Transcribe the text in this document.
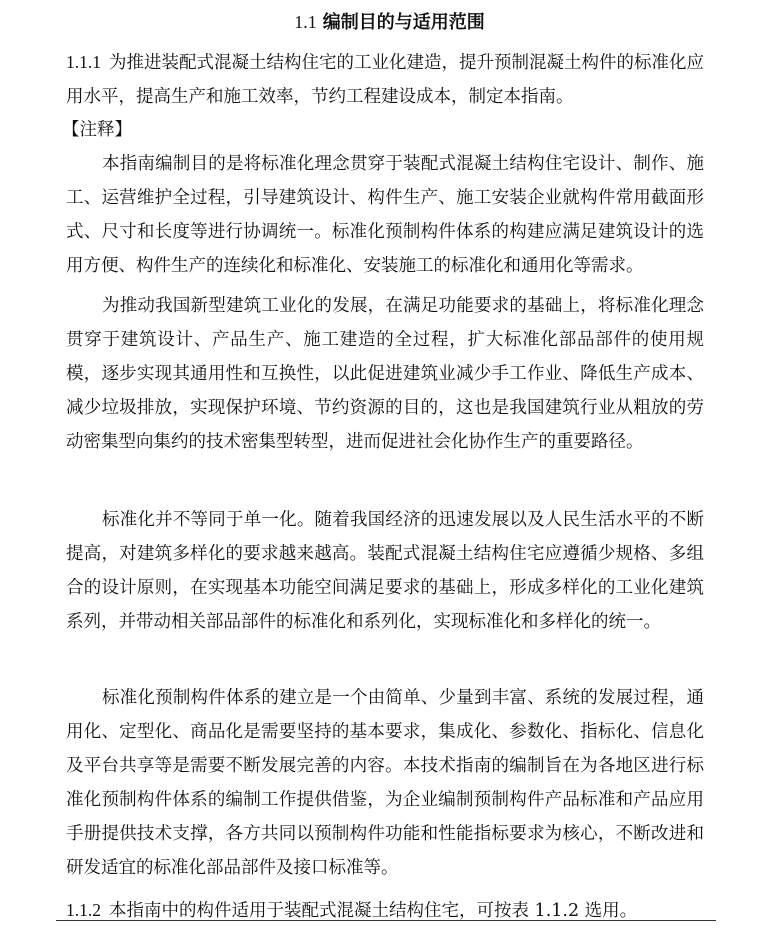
1.1 编制目的与适用范围
1.1.1 为推进装配式混凝土结构住宅的工业化建造，提升预制混凝土构件的标准化应用水平，提高生产和施工效率，节约工程建设成本，制定本指南。
【注释】
本指南编制目的是将标准化理念贯穿于装配式混凝土结构住宅设计、制作、施工、运营维护全过程，引导建筑设计、构件生产、施工安装企业就构件常用截面形式、尺寸和长度等进行协调统一。标准化预制构件体系的构建应满足建筑设计的选用方便、构件生产的连续化和标准化、安装施工的标准化和通用化等需求。
为推动我国新型建筑工业化的发展，在满足功能要求的基础上，将标准化理念贯穿于建筑设计、产品生产、施工建造的全过程，扩大标准化部品部件的使用规模，逐步实现其通用性和互换性，以此促进建筑业减少手工作业、降低生产成本、减少垃圾排放，实现保护环境、节约资源的目的，这也是我国建筑行业从粗放的劳动密集型向集约的技术密集型转型，进而促进社会化协作生产的重要路径。
标准化并不等同于单一化。随着我国经济的迅速发展以及人民生活水平的不断提高，对建筑多样化的要求越来越高。装配式混凝土结构住宅应遵循少规格、多组合的设计原则，在实现基本功能空间满足要求的基础上，形成多样化的工业化建筑系列，并带动相关部品部件的标准化和系列化，实现标准化和多样化的统一。
标准化预制构件体系的建立是一个由简单、少量到丰富、系统的发展过程，通用化、定型化、商品化是需要坚持的基本要求，集成化、参数化、指标化、信息化及平台共享等是需要不断发展完善的内容。本技术指南的编制旨在为各地区进行标准化预制构件体系的编制工作提供借鉴，为企业编制预制构件产品标准和产品应用手册提供技术支撑，各方共同以预制构件功能和性能指标要求为核心，不断改进和研发适宜的标准化部品部件及接口标准等。
1.1.2 本指南中的构件适用于装配式混凝土结构住宅，可按表 1.1.2 选用。
